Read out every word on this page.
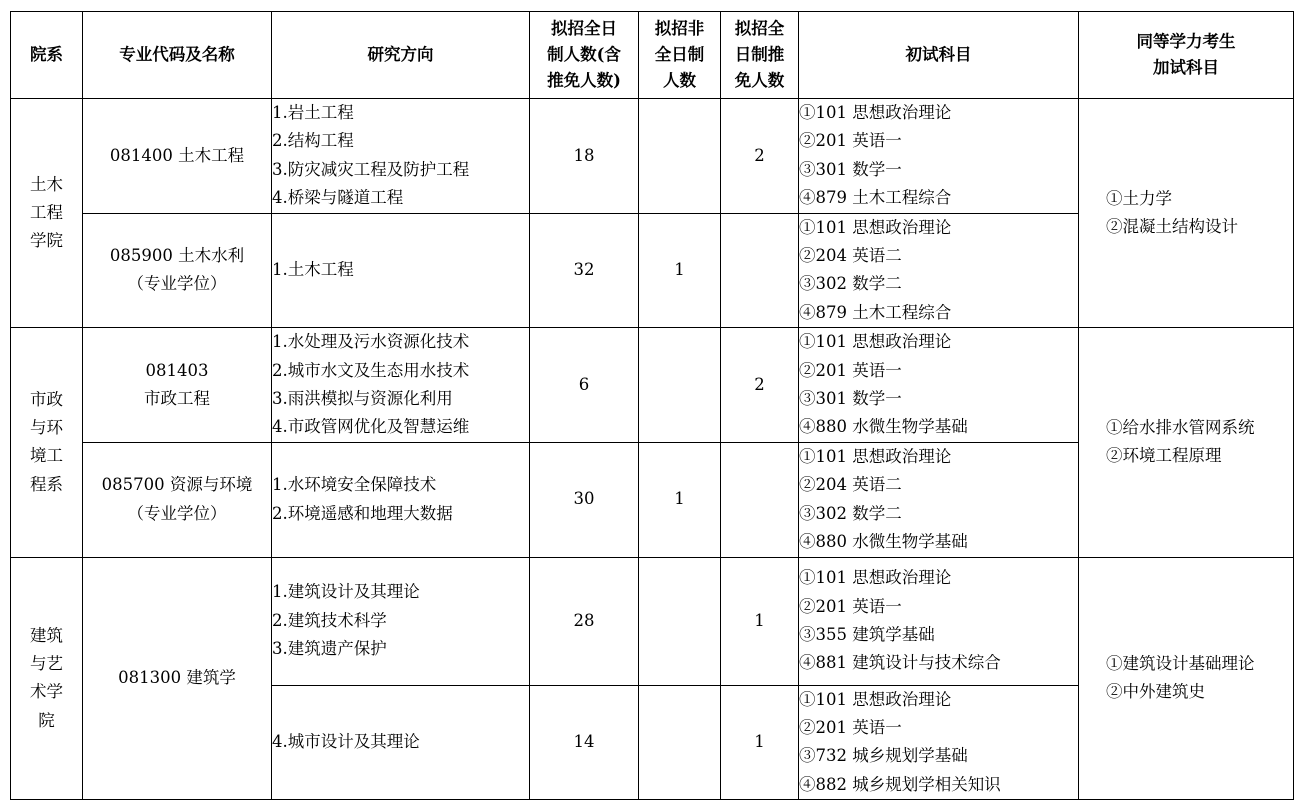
院系	专业代码及名称	研究方向	拟招全日
制人数(含
推免人数)	拟招非
全日制
人数	拟招全
日制推
免人数	初试科目	同等学力考生
加试科目

土木
工程
学院	081400 土木工程	1.岩土工程
2.结构工程
3.防灾减灾工程及防护工程
4.桥梁与隧道工程	18		2	①101 思想政治理论
②201 英语一
③301 数学一
④879 土木工程综合	①土力学
②混凝土结构设计

	085900 土木水利
（专业学位）	1.土木工程	32	1		①101 思想政治理论
②204 英语二
③302 数学二
④879 土木工程综合	

市政
与环
境工
程系	081403
市政工程	1.水处理及污水资源化技术
2.城市水文及生态用水技术
3.雨洪模拟与资源化利用
4.市政管网优化及智慧运维	6		2	①101 思想政治理论
②201 英语一
③301 数学一
④880 水微生物学基础	①给水排水管网系统
②环境工程原理

	085700 资源与环境
（专业学位）	1.水环境安全保障技术
2.环境遥感和地理大数据	30	1		①101 思想政治理论
②204 英语二
③302 数学二
④880 水微生物学基础	

建筑
与艺
术学
院	081300 建筑学	1.建筑设计及其理论
2.建筑技术科学
3.建筑遗产保护	28		1	①101 思想政治理论
②201 英语一
③355 建筑学基础
④881 建筑设计与技术综合	①建筑设计基础理论
②中外建筑史

		4.城市设计及其理论	14		1	①101 思想政治理论
②201 英语一
③732 城乡规划学基础
④882 城乡规划学相关知识	
